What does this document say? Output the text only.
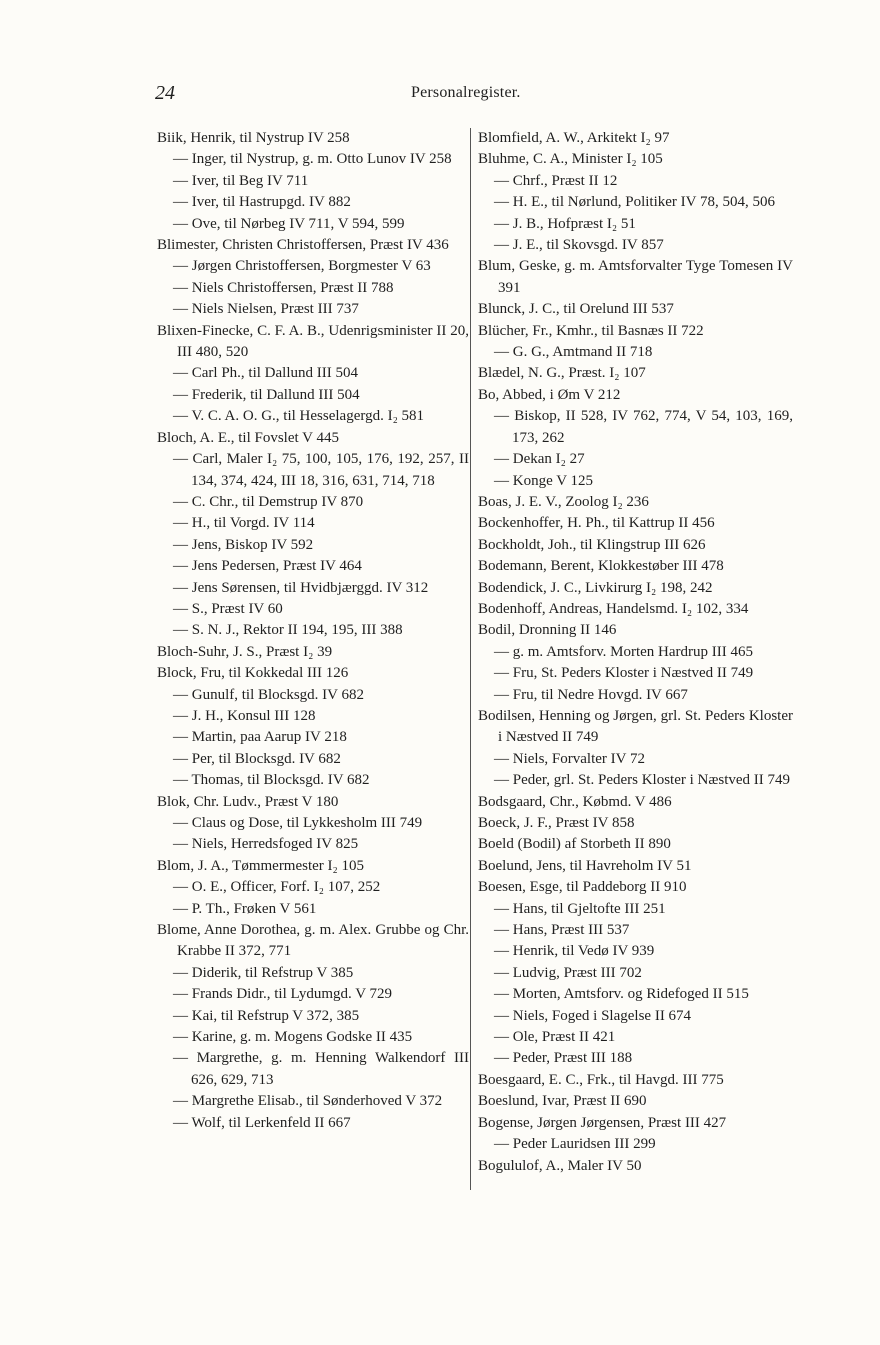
24	Personalregister.
Biik, Henrik, til Nystrup IV 258
— Inger, til Nystrup, g. m. Otto Lunov IV 258
— Iver, til Beg IV 711
— Iver, til Hastrupgd. IV 882
— Ove, til Nørbeg IV 711, V 594, 599
Blimester, Christen Christoffersen, Præst IV 436
— Jørgen Christoffersen, Borgmester V 63
— Niels Christoffersen, Præst II 788
— Niels Nielsen, Præst III 737
Blixen-Finecke, C. F. A. B., Udenrigsminister II 20, III 480, 520
— Carl Ph., til Dallund III 504
— Frederik, til Dallund III 504
— V. C. A. O. G., til Hesselagergd. I₂ 581
Bloch, A. E., til Fovslet V 445
— Carl, Maler I₂ 75, 100, 105, 176, 192, 257, II 134, 374, 424, III 18, 316, 631, 714, 718
— C. Chr., til Demstrup IV 870
— H., til Vorgd. IV 114
— Jens, Biskop IV 592
— Jens Pedersen, Præst IV 464
— Jens Sørensen, til Hvidbjærggd. IV 312
— S., Præst IV 60
— S. N. J., Rektor II 194, 195, III 388
Bloch-Suhr, J. S., Præst I₂ 39
Block, Fru, til Kokkedal III 126
— Gunulf, til Blocksgd. IV 682
— J. H., Konsul III 128
— Martin, paa Aarup IV 218
— Per, til Blocksgd. IV 682
— Thomas, til Blocksgd. IV 682
Blok, Chr. Ludv., Præst V 180
— Claus og Dose, til Lykkesholm III 749
— Niels, Herredsfoged IV 825
Blom, J. A., Tømmermester I₂ 105
— O. E., Officer, Forf. I₂ 107, 252
— P. Th., Frøken V 561
Blome, Anne Dorothea, g. m. Alex. Grubbe og Chr. Krabbe II 372, 771
— Diderik, til Refstrup V 385
— Frands Didr., til Lydumgd. V 729
— Kai, til Refstrup V 372, 385
— Karine, g. m. Mogens Godske II 435
— Margrethe, g. m. Henning Walkendorf III 626, 629, 713
— Margrethe Elisab., til Sønderhoved V 372
— Wolf, til Lerkenfeld II 667
Blomfield, A. W., Arkitekt I₂ 97
Bluhme, C. A., Minister I₂ 105
— Chrf., Præst II 12
— H. E., til Nørlund, Politiker IV 78, 504, 506
— J. B., Hofpræst I₂ 51
— J. E., til Skovsgd. IV 857
Blum, Geske, g. m. Amtsforvalter Tyge Tomesen IV 391
Blunck, J. C., til Orelund III 537
Blücher, Fr., Kmhr., til Basnæs II 722
— G. G., Amtmand II 718
Blædel, N. G., Præst. I₂ 107
Bo, Abbed, i Øm V 212
— Biskop, II 528, IV 762, 774, V 54, 103, 169, 173, 262
— Dekan I₂ 27
— Konge V 125
Boas, J. E. V., Zoolog I₂ 236
Bockenhoffer, H. Ph., til Kattrup II 456
Bockholdt, Joh., til Klingstrup III 626
Bodemann, Berent, Klokkestøber III 478
Bodendick, J. C., Livkirurg I₂ 198, 242
Bodenhoff, Andreas, Handelsmd. I₂ 102, 334
Bodil, Dronning II 146
— g. m. Amtsforv. Morten Hardrup III 465
— Fru, St. Peders Kloster i Næstved II 749
— Fru, til Nedre Hovgd. IV 667
Bodilsen, Henning og Jørgen, grl. St. Peders Kloster i Næstved II 749
— Niels, Forvalter IV 72
— Peder, grl. St. Peders Kloster i Næstved II 749
Bodsgaard, Chr., Købmd. V 486
Boeck, J. F., Præst IV 858
Boeld (Bodil) af Storbeth II 890
Boelund, Jens, til Havreholm IV 51
Boesen, Esge, til Paddeborg II 910
— Hans, til Gjeltofte III 251
— Hans, Præst III 537
— Henrik, til Vedø IV 939
— Ludvig, Præst III 702
— Morten, Amtsforv. og Ridefoged II 515
— Niels, Foged i Slagelse II 674
— Ole, Præst II 421
— Peder, Præst III 188
Boesgaard, E. C., Frk., til Havgd. III 775
Boeslund, Ivar, Præst II 690
Bogense, Jørgen Jørgensen, Præst III 427
— Peder Lauridsen III 299
Bogululof, A., Maler IV 50
